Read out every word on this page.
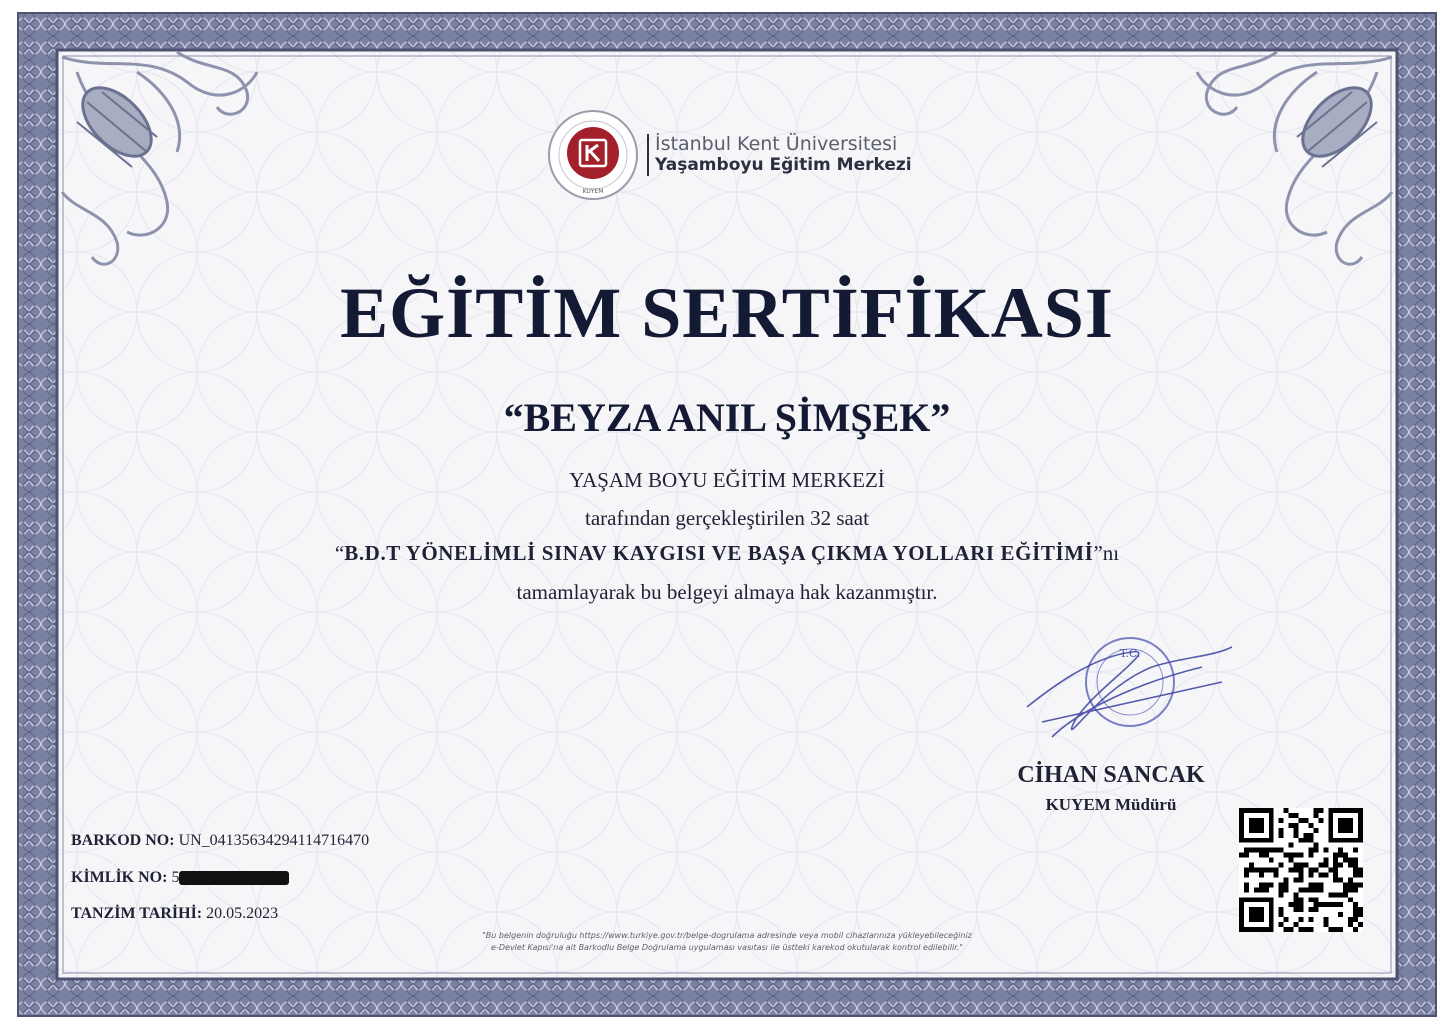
KUYEM
İstanbul Kent Üniversitesi
Yaşamboyu Eğitim Merkezi
EĞİTİM SERTİFİKASI
“BEYZA ANIL ŞİMŞEK”
YAŞAM BOYU EĞİTİM MERKEZİ
tarafından gerçekleştirilen 32 saat
“B.D.T YÖNELİMLİ SINAV KAYGISI VE BAŞA ÇIKMA YOLLARI EĞİTİMİ”nı
tamamlayarak bu belgeyi almaya hak kazanmıştır.
T.C.
CİHAN SANCAK
KUYEM Müdürü
BARKOD NO: UN_04135634294114716470
KİMLİK NO: 5
TANZİM TARİHİ: 20.05.2023
"Bu belgenin doğruluğu https://www.turkiye.gov.tr/belge-dogrulama adresinde veya mobil cihazlarınıza yükleyebileceğiniz
e-Devlet Kapısı'na ait Barkodlu Belge Doğrulama uygulaması vasıtası ile üstteki karekod okutularak kontrol edilebilir."
